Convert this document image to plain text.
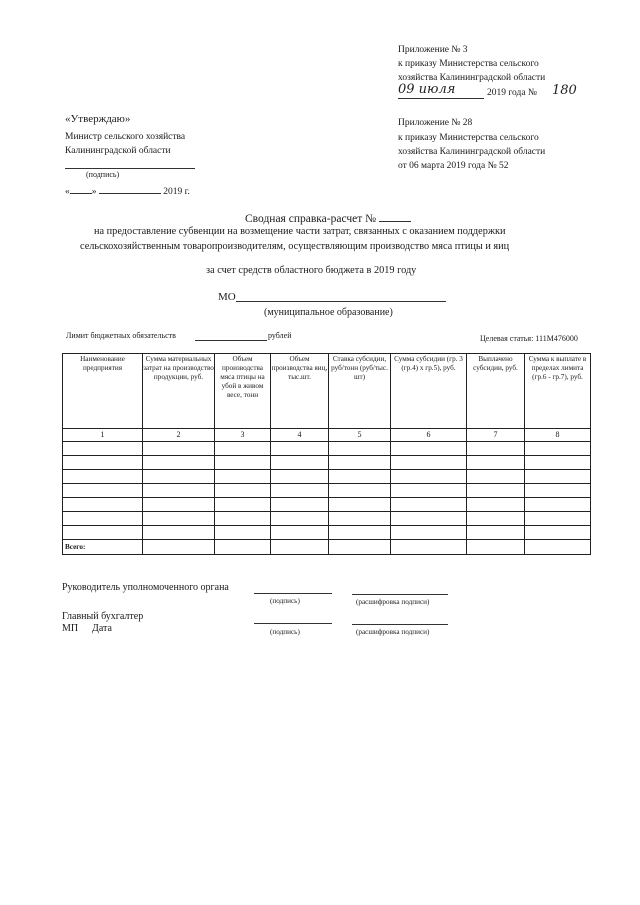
Приложение № 3
к приказу Министерства сельского
хозяйства Калининградской области
09 июля	2019 года № 180
«Утверждаю»
Министр сельского хозяйства
Калининградской области
(подпись)
« »	2019 г.
Приложение № 28
к приказу Министерства сельского
хозяйства Калининградской области
от 06 марта 2019 года № 52
Сводная справка-расчет №
на предоставление субвенции на возмещение части затрат, связанных с оказанием поддержки
сельскохозяйственным товаропроизводителям, осуществляющим производство мяса птицы и яиц
за счет средств областного бюджета в 2019 году
МО
(муниципальное образование)
Лимит бюджетных обязательств	рублей	Целевая статья: 111М476000
Наименование предприятия	Сумма материальных затрат на производство продукции, руб.	Объем производства мяса птицы на убой в живом весе, тонн	Объем производства яиц, тыс.шт.	Ставка субсидии, руб/тонн (руб/тыс. шт)	Сумма субсидии (гр. 3 (гр.4) х гр.5), руб.	Выплачено субсидии, руб.	Сумма к выплате в пределах лимита (гр.6 - гр.7), руб.
1	2	3	4	5	6	7	8

Всего:							
Руководитель уполномоченного органа
(подпись)	(расшифровка подписи)
Главный бухгалтер
МП Дата	(подпись)	(расшифровка подписи)
